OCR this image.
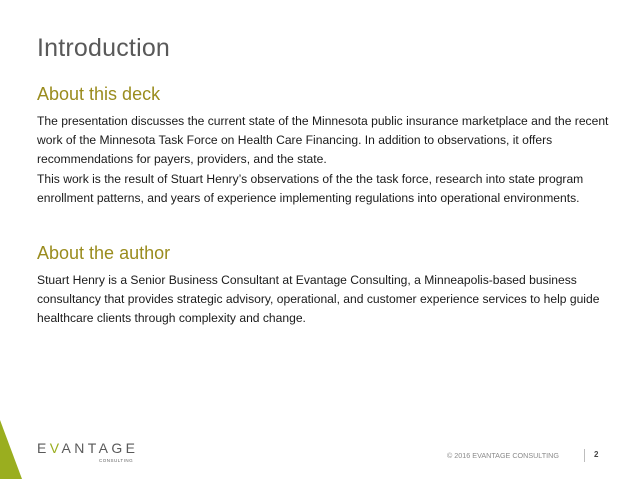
Introduction
About this deck
The presentation discusses the current state of the Minnesota public insurance marketplace and the recent work of the Minnesota Task Force on Health Care Financing. In addition to observations, it offers recommendations for payers, providers, and the state.
This work is the result of Stuart Henry’s observations of the the task force, research into state program enrollment patterns, and years of experience implementing regulations into operational environments.
About the author
Stuart Henry is a Senior Business Consultant at Evantage Consulting, a Minneapolis-based business consultancy that provides strategic advisory, operational, and customer experience services to help guide healthcare clients through complexity and change.
EVANTAGE
CONSULTING
© 2016 EVANTAGE CONSULTING	2
